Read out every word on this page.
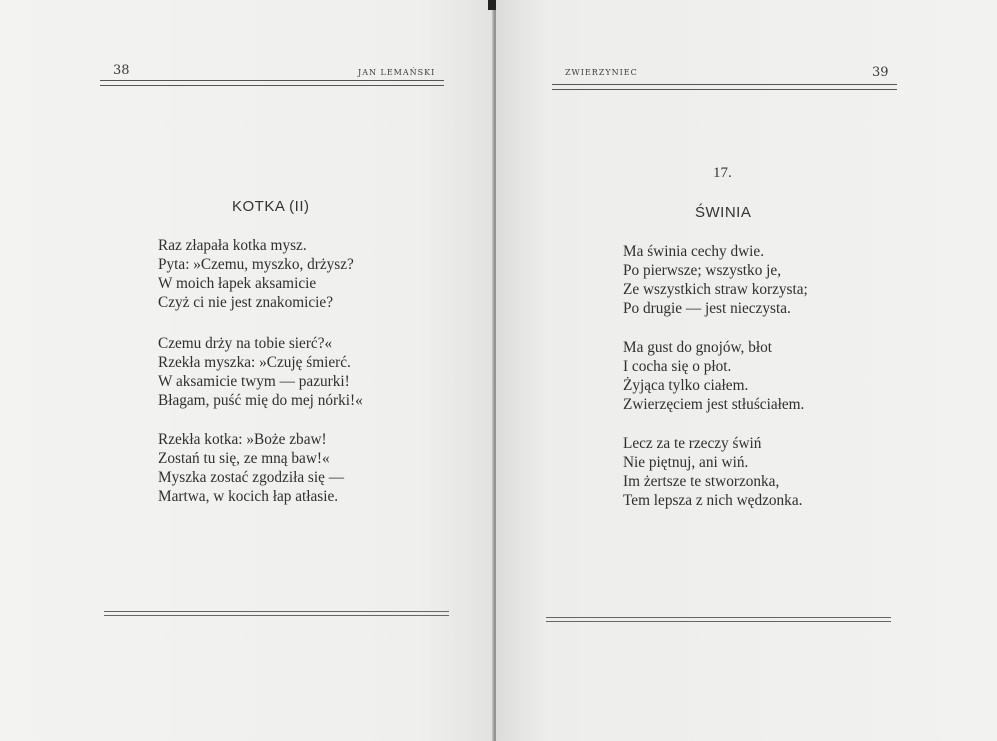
38	JAN LEMAŃSKI
KOTKA (II)
Raz złapała kotka mysz.
Pyta: »Czemu, myszko, drżysz?
W moich łapek aksamicie
Czyż ci nie jest znakomicie?
Czemu drży na tobie sierć?«
Rzekła myszka: »Czuję śmierć.
W aksamicie twym — pazurki!
Błagam, puść mię do mej nórki!«
Rzekła kotka: »Boże zbaw!
Zostań tu się, ze mną baw!«
Myszka zostać zgodziła się —
Martwa, w kocich łap atłasie.
ZWIERZYNIEC	39
17.
ŚWINIA
Ma świnia cechy dwie.
Po pierwsze; wszystko je,
Ze wszystkich straw korzysta;
Po drugie — jest nieczysta.
Ma gust do gnojów, błot
I cocha się o płot.
Żyjąca tylko ciałem.
Zwierzęciem jest stłuściałem.
Lecz za te rzeczy świń
Nie piętnuj, ani wiń.
Im żertsze te stworzonka,
Tem lepsza z nich wędzonka.
